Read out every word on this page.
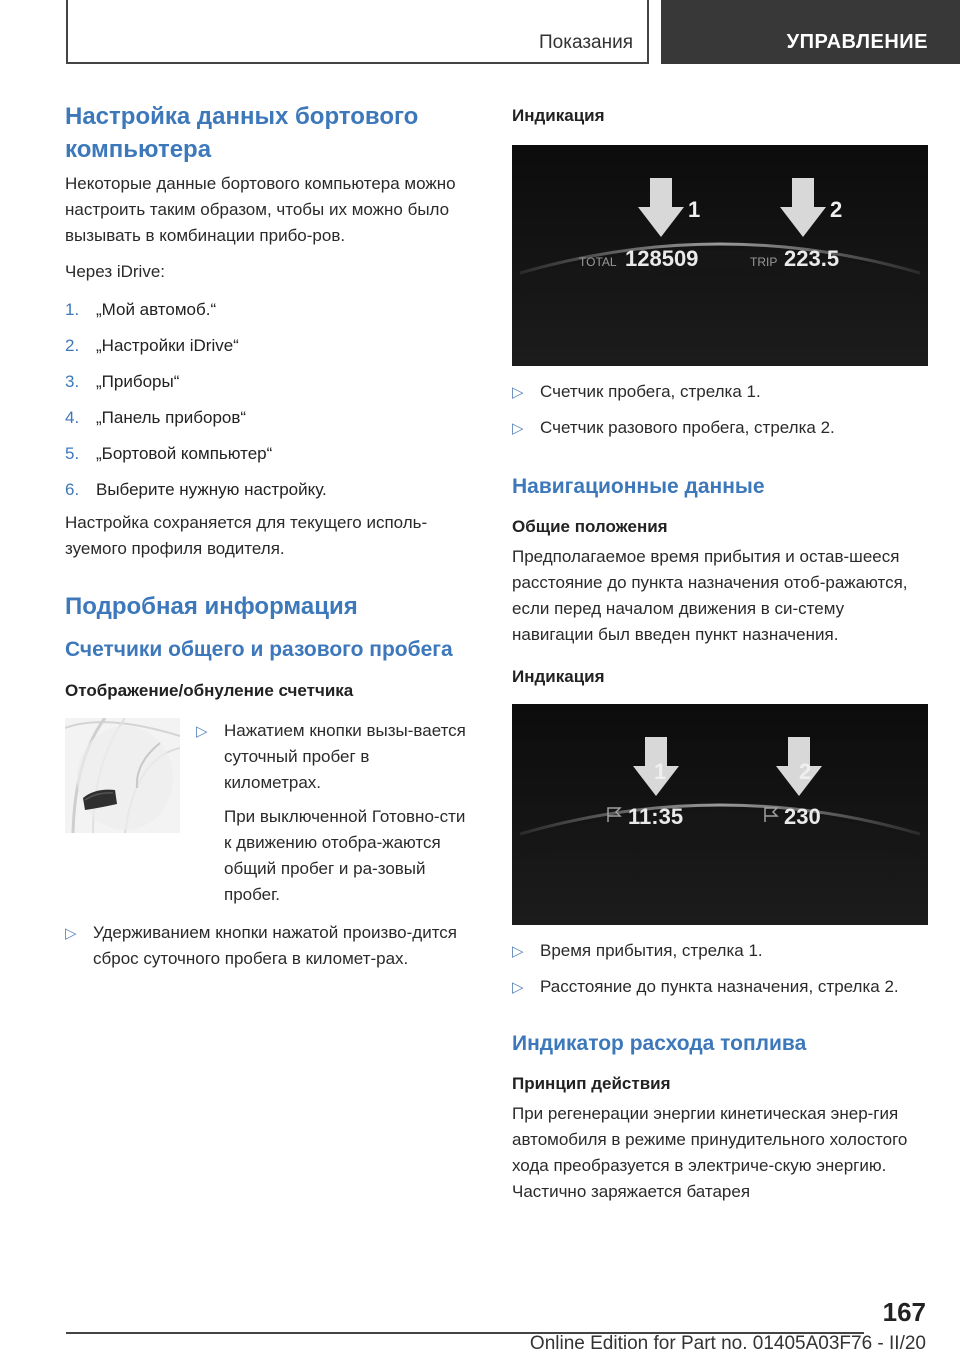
Показания	УПРАВЛЕНИЕ
Настройка данных бортового компьютера

Некоторые данные бортового компьютера можно настроить таким образом, чтобы их можно было вызывать в комбинации прибо‐ров.

Через iDrive:

1. „Мой автомоб.“
2. „Настройки iDrive“
3. „Приборы“
4. „Панель приборов“
5. „Бортовой компьютер“
6. Выберите нужную настройку.

Настройка сохраняется для текущего исполь‐зуемого профиля водителя.

Подробная информация
Счетчики общего и разового пробега
Отображение/обнуление счетчика
▷ Нажатием кнопки вызы‐вается суточный пробег в километрах.

При выключенной Готовно‐сти к движению отобра‐жаются общий пробег и ра‐зовый пробег.

▷ Удерживанием кнопки нажатой произво‐дится сброс суточного пробега в километ‐рах.
Индикация
1	2
TOTAL 128509	TRIP 223.5
▷ Счетчик пробега, стрелка 1.
▷ Счетчик разового пробега, стрелка 2.
Навигационные данные
Общие положения

Предполагаемое время прибытия и остав‐шееся расстояние до пункта назначения отоб‐ражаются, если перед началом движения в си‐стему навигации был введен пункт назначения.

Индикация
1	2
11:35	230
▷ Время прибытия, стрелка 1.
▷ Расстояние до пункта назначения, стрелка 2.
Индикатор расхода топлива
Принцип действия

При регенерации энергии кинетическая энер‐гия автомобиля в режиме принудительного холостого хода преобразуется в электриче‐скую энергию. Частично заряжается батарея

167
Online Edition for Part no. 01405A03F76 - II/20
